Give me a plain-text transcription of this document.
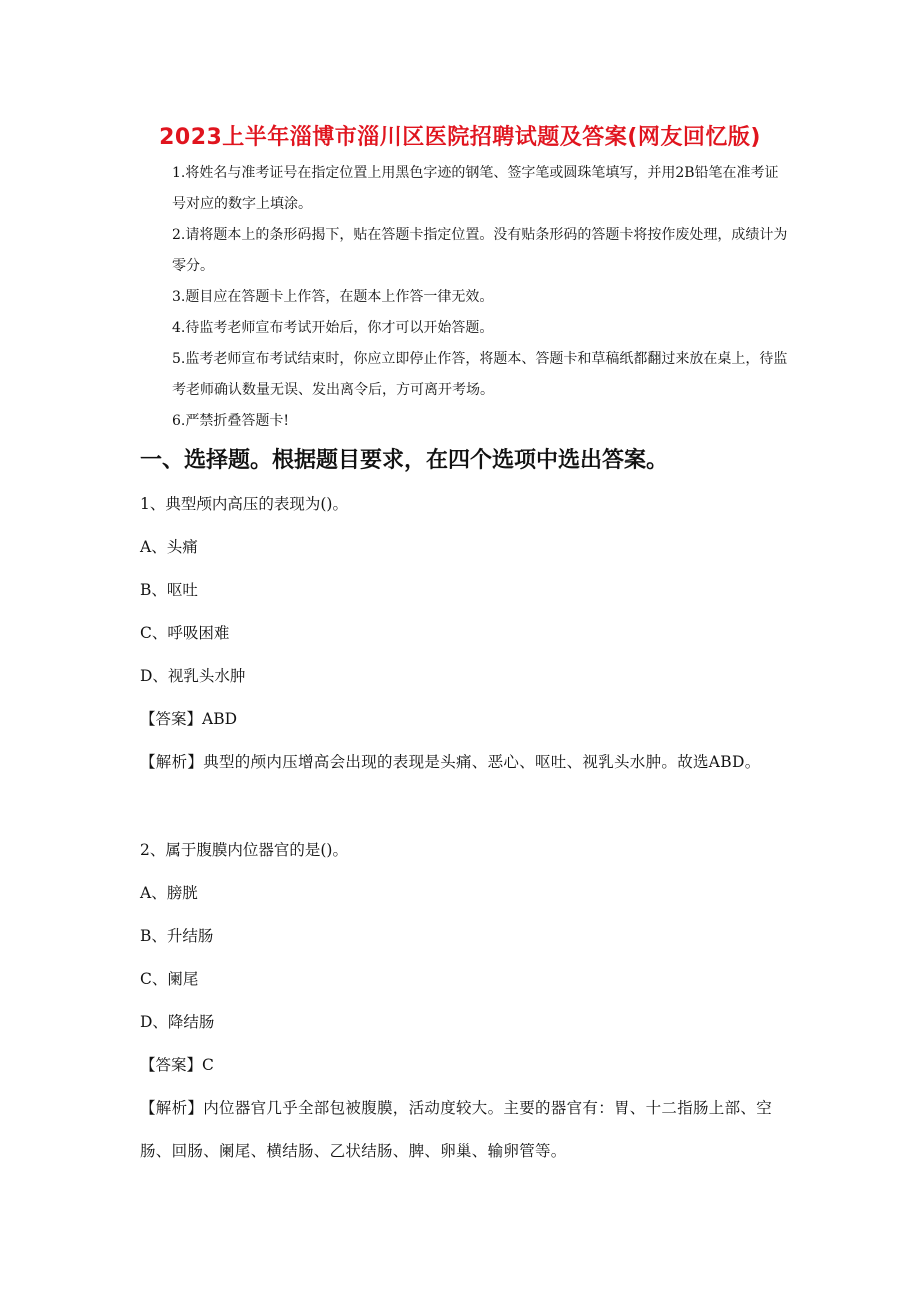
2023上半年淄博市淄川区医院招聘试题及答案(网友回忆版)
1.将姓名与准考证号在指定位置上用黑色字迹的钢笔、签字笔或圆珠笔填写，并用2B铅笔在准考证号对应的数字上填涂。
2.请将题本上的条形码揭下，贴在答题卡指定位置。没有贴条形码的答题卡将按作废处理，成绩计为零分。
3.题目应在答题卡上作答，在题本上作答一律无效。
4.待监考老师宣布考试开始后，你才可以开始答题。
5.监考老师宣布考试结束时，你应立即停止作答，将题本、答题卡和草稿纸都翻过来放在桌上，待监考老师确认数量无误、发出离令后，方可离开考场。
6.严禁折叠答题卡!
一、选择题。根据题目要求，在四个选项中选出答案。
1、典型颅内高压的表现为()。
A、头痛
B、呕吐
C、呼吸困难
D、视乳头水肿
【答案】ABD
【解析】典型的颅内压增高会出现的表现是头痛、恶心、呕吐、视乳头水肿。故选ABD。
2、属于腹膜内位器官的是()。
A、膀胱
B、升结肠
C、阑尾
D、降结肠
【答案】C
【解析】内位器官几乎全部包被腹膜，活动度较大。主要的器官有：胃、十二指肠上部、空肠、回肠、阑尾、横结肠、乙状结肠、脾、卵巢、输卵管等。
